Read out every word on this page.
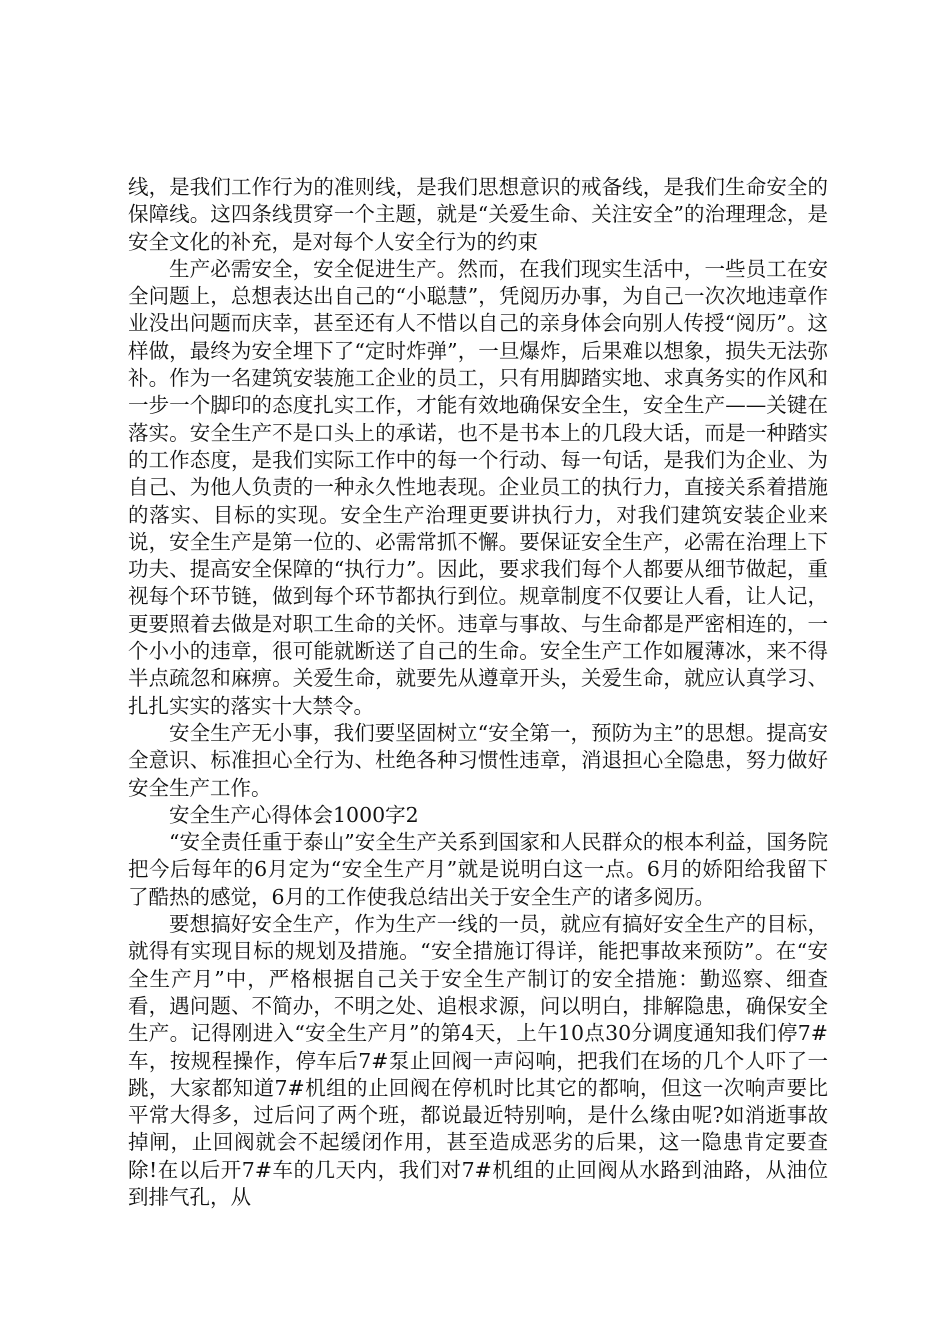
线，是我们工作行为的准则线，是我们思想意识的戒备线，是我们生命安全的保障线。这四条线贯穿一个主题，就是“关爱生命、关注安全”的治理理念，是安全文化的补充，是对每个人安全行为的约束

生产必需安全，安全促进生产。然而，在我们现实生活中，一些员工在安全问题上，总想表达出自己的“小聪慧”，凭阅历办事，为自己一次次地违章作业没出问题而庆幸，甚至还有人不惜以自己的亲身体会向别人传授“阅历”。这样做，最终为安全埋下了“定时炸弹”，一旦爆炸，后果难以想象，损失无法弥补。作为一名建筑安装施工企业的员工，只有用脚踏实地、求真务实的作风和一步一个脚印的态度扎实工作，才能有效地确保安全生，安全生产——关键在落实。安全生产不是口头上的承诺，也不是书本上的几段大话，而是一种踏实的工作态度，是我们实际工作中的每一个行动、每一句话，是我们为企业、为自己、为他人负责的一种永久性地表现。企业员工的执行力，直接关系着措施的落实、目标的实现。安全生产治理更要讲执行力，对我们建筑安装企业来说，安全生产是第一位的、必需常抓不懈。要保证安全生产，必需在治理上下功夫、提高安全保障的“执行力”。因此，要求我们每个人都要从细节做起，重视每个环节链，做到每个环节都执行到位。规章制度不仅要让人看，让人记，更要照着去做是对职工生命的关怀。违章与事故、与生命都是严密相连的，一个小小的违章，很可能就断送了自己的生命。安全生产工作如履薄冰，来不得半点疏忽和麻痹。关爱生命，就要先从遵章开头，关爱生命，就应认真学习、扎扎实实的落实十大禁令。

安全生产无小事，我们要坚固树立“安全第一，预防为主”的思想。提高安全意识、标准担心全行为、杜绝各种习惯性违章，消退担心全隐患，努力做好安全生产工作。

安全生产心得体会1000字2

“安全责任重于泰山”安全生产关系到国家和人民群众的根本利益，国务院把今后每年的6月定为“安全生产月”就是说明白这一点。6月的娇阳给我留下了酷热的感觉，6月的工作使我总结出关于安全生产的诸多阅历。

要想搞好安全生产，作为生产一线的一员，就应有搞好安全生产的目标，就得有实现目标的规划及措施。“安全措施订得详，能把事故来预防”。在“安全生产月”中，严格根据自己关于安全生产制订的安全措施：勤巡察、细查看，遇问题、不简办，不明之处、追根求源，问以明白，排解隐患，确保安全生产。记得刚进入“安全生产月”的第4天，上午10点30分调度通知我们停7#车，按规程操作，停车后7#泵止回阀一声闷响，把我们在场的几个人吓了一跳，大家都知道7#机组的止回阀在停机时比其它的都响，但这一次响声要比平常大得多，过后问了两个班，都说最近特别响，是什么缘由呢?如消逝事故掉闸，止回阀就会不起缓闭作用，甚至造成恶劣的后果，这一隐患肯定要查除!在以后开7#车的几天内，我们对7#机组的止回阀从水路到油路，从油位到排气孔，从
